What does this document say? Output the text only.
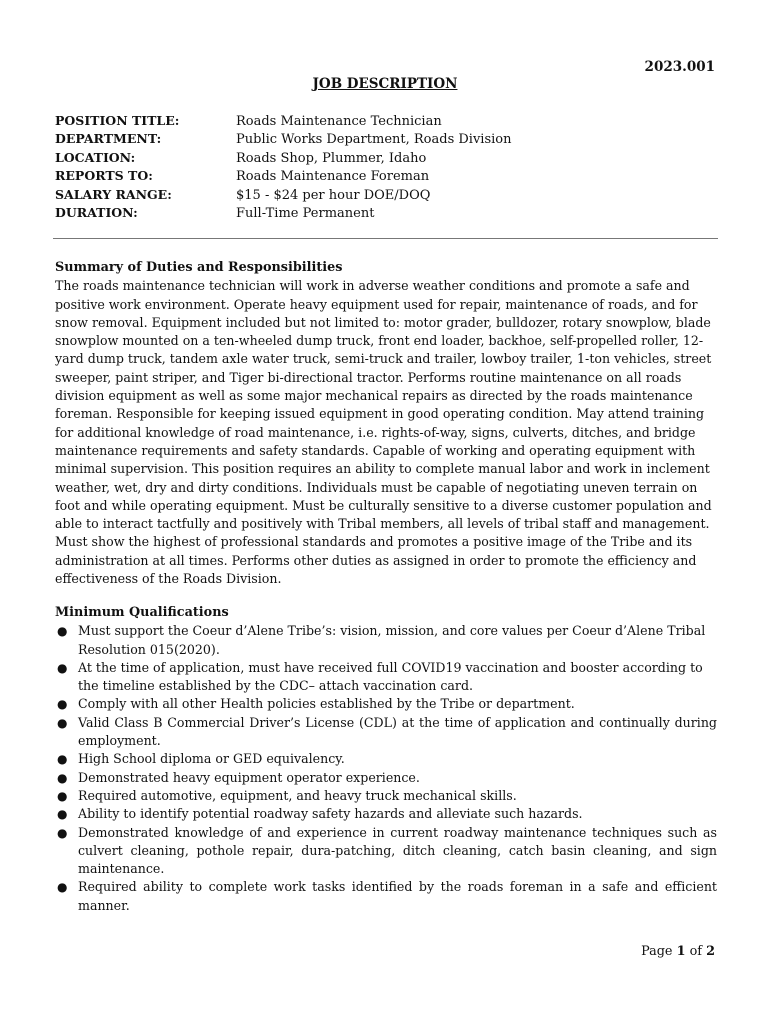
2023.001
JOB DESCRIPTION
POSITION TITLE:	Roads Maintenance Technician
DEPARTMENT:	Public Works Department, Roads Division
LOCATION:	Roads Shop, Plummer, Idaho
REPORTS TO:	Roads Maintenance Foreman
SALARY RANGE:	$15 - $24 per hour DOE/DOQ
DURATION:	Full-Time Permanent
Summary of Duties and Responsibilities
The roads maintenance technician will work in adverse weather conditions and promote a safe and positive work environment. Operate heavy equipment used for repair, maintenance of roads, and for snow removal. Equipment included but not limited to: motor grader, bulldozer, rotary snowplow, blade snowplow mounted on a ten-wheeled dump truck, front end loader, backhoe, self-propelled roller, 12-yard dump truck, tandem axle water truck, semi-truck and trailer, lowboy trailer, 1-ton vehicles, street sweeper, paint striper, and Tiger bi-directional tractor. Performs routine maintenance on all roads division equipment as well as some major mechanical repairs as directed by the roads maintenance foreman. Responsible for keeping issued equipment in good operating condition. May attend training for additional knowledge of road maintenance, i.e. rights-of-way, signs, culverts, ditches, and bridge maintenance requirements and safety standards. Capable of working and operating equipment with minimal supervision. This position requires an ability to complete manual labor and work in inclement weather, wet, dry and dirty conditions. Individuals must be capable of negotiating uneven terrain on foot and while operating equipment. Must be culturally sensitive to a diverse customer population and able to interact tactfully and positively with Tribal members, all levels of tribal staff and management. Must show the highest of professional standards and promotes a positive image of the Tribe and its administration at all times. Performs other duties as assigned in order to promote the efficiency and effectiveness of the Roads Division.
Minimum Qualifications
● Must support the Coeur d’Alene Tribe’s: vision, mission, and core values per Coeur d’Alene Tribal Resolution 015(2020).
● At the time of application, must have received full COVID19 vaccination and booster according to the timeline established by the CDC– attach vaccination card.
● Comply with all other Health policies established by the Tribe or department.
● Valid Class B Commercial Driver’s License (CDL) at the time of application and continually during employment.
● High School diploma or GED equivalency.
● Demonstrated heavy equipment operator experience.
● Required automotive, equipment, and heavy truck mechanical skills.
● Ability to identify potential roadway safety hazards and alleviate such hazards.
● Demonstrated knowledge of and experience in current roadway maintenance techniques such as culvert cleaning, pothole repair, dura-patching, ditch cleaning, catch basin cleaning, and sign maintenance.
● Required ability to complete work tasks identified by the roads foreman in a safe and efficient manner.
Page 1 of 2
